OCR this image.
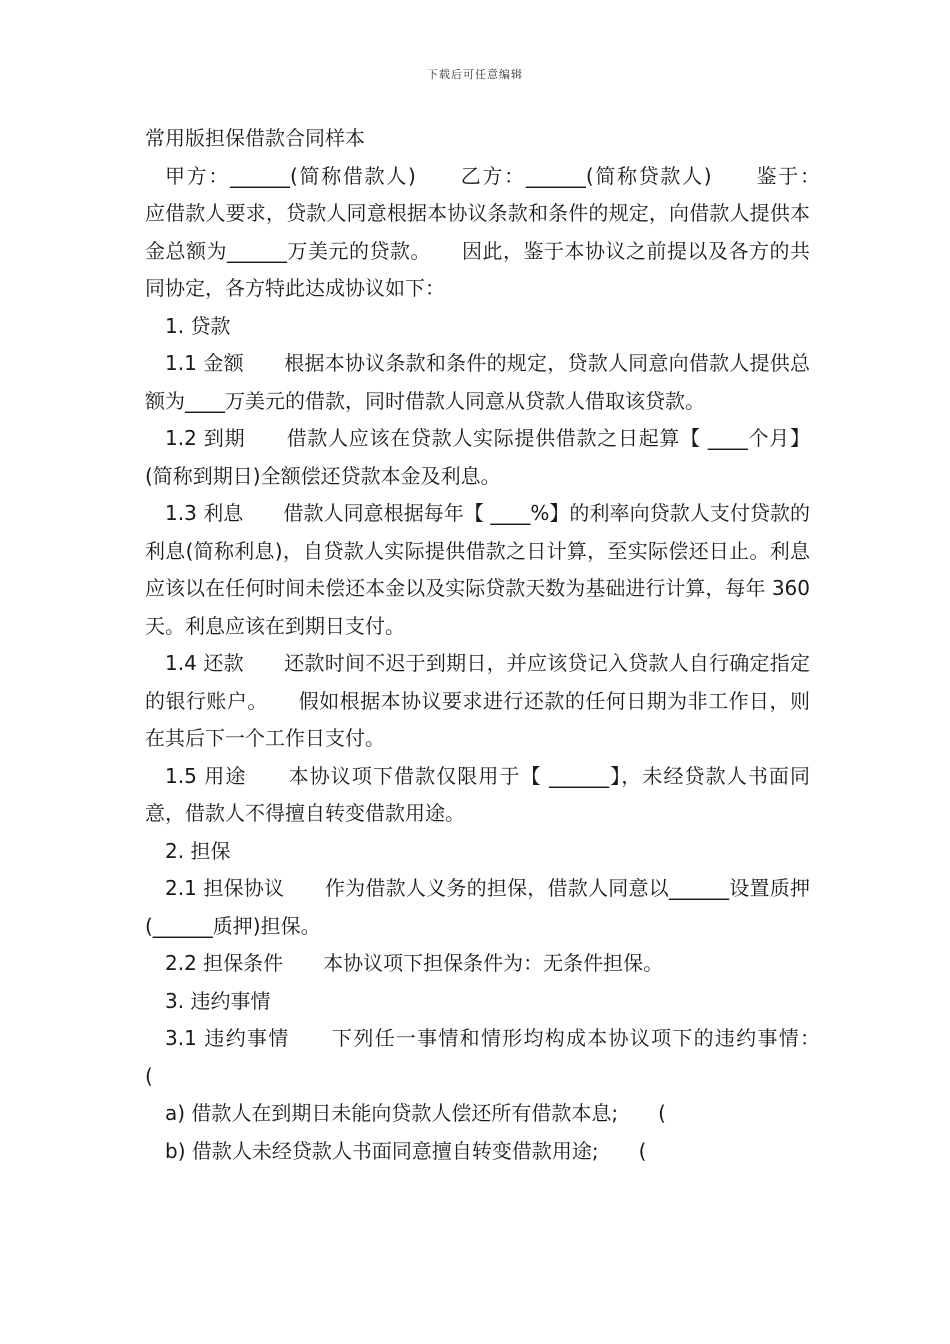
下载后可任意编辑

常用版担保借款合同样本

甲方：______(简称借款人)　　乙方：______(简称贷款人)　　鉴于：　　应借款人要求，贷款人同意根据本协议条款和条件的规定，向借款人提供本金总额为______万美元的贷款。　　因此，鉴于本协议之前提以及各方的共同协定，各方特此达成协议如下：

1. 贷款

1.1 金额　　根据本协议条款和条件的规定，贷款人同意向借款人提供总额为____万美元的借款，同时借款人同意从贷款人借取该贷款。

1.2 到期　　借款人应该在贷款人实际提供借款之日起算【 ____个月】(简称到期日)全额偿还贷款本金及利息。

1.3 利息　　借款人同意根据每年【 ____%】的利率向贷款人支付贷款的利息(简称利息)，自贷款人实际提供借款之日计算，至实际偿还日止。利息应该以在任何时间未偿还本金以及实际贷款天数为基础进行计算，每年 360 天。利息应该在到期日支付。

1.4 还款　　还款时间不迟于到期日，并应该贷记入贷款人自行确定指定的银行账户。　　假如根据本协议要求进行还款的任何日期为非工作日，则在其后下一个工作日支付。

1.5 用途　　本协议项下借款仅限用于【 ______】，未经贷款人书面同意，借款人不得擅自转变借款用途。

2. 担保

2.1 担保协议　　作为借款人义务的担保，借款人同意以______设置质押(______质押)担保。

2.2 担保条件　　本协议项下担保条件为：无条件担保。

3. 违约事情

3.1 违约事情　　下列任一事情和情形均构成本协议项下的违约事情：　　(

a) 借款人在到期日未能向贷款人偿还所有借款本息;　　(

b) 借款人未经贷款人书面同意擅自转变借款用途;　　(
